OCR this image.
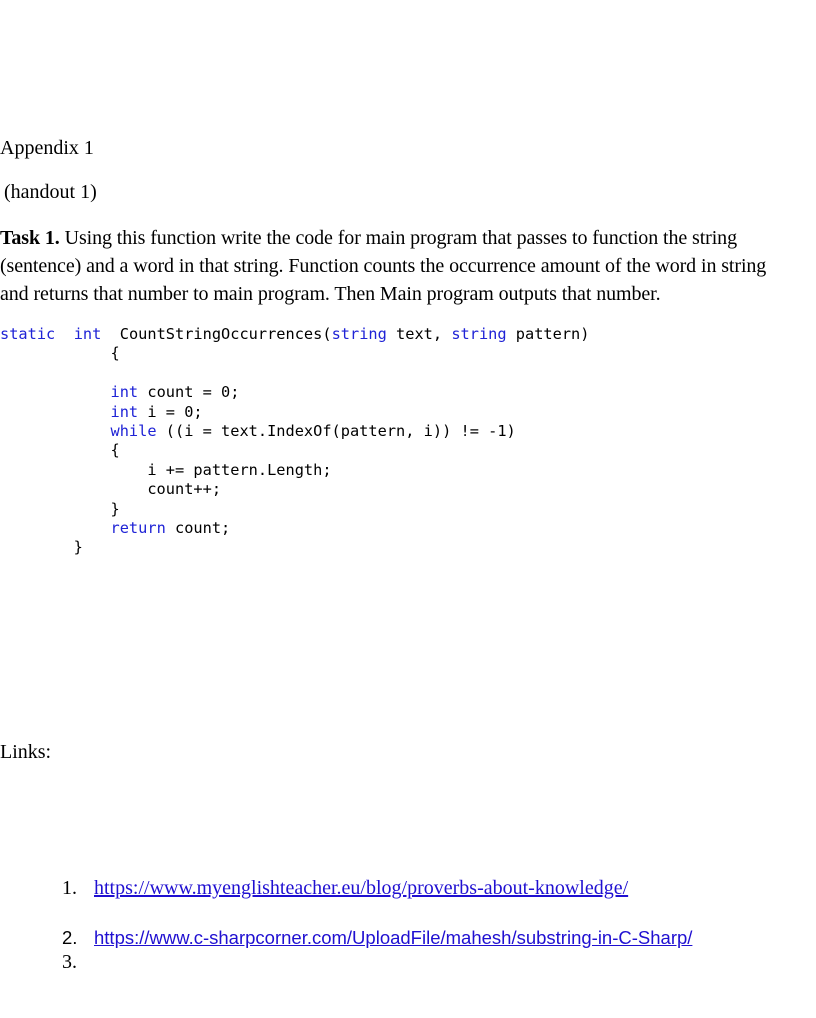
Appendix 1
(handout 1)
Task 1. Using this function write the code for main program that passes to function the string
(sentence) and a word in that string. Function counts the occurrence amount of the word in string
and returns that number to main program. Then Main program outputs that number.
static int  CountStringOccurrences(string text, string pattern)
{
int count = 0;
int i = 0;
while ((i = text.IndexOf(pattern, i)) != -1)
{
i += pattern.Length;
count++;
}
return count;
}
Links:
1. https://www.myenglishteacher.eu/blog/proverbs-about-knowledge/
2. https://www.c-sharpcorner.com/UploadFile/mahesh/substring-in-C-Sharp/
3.
